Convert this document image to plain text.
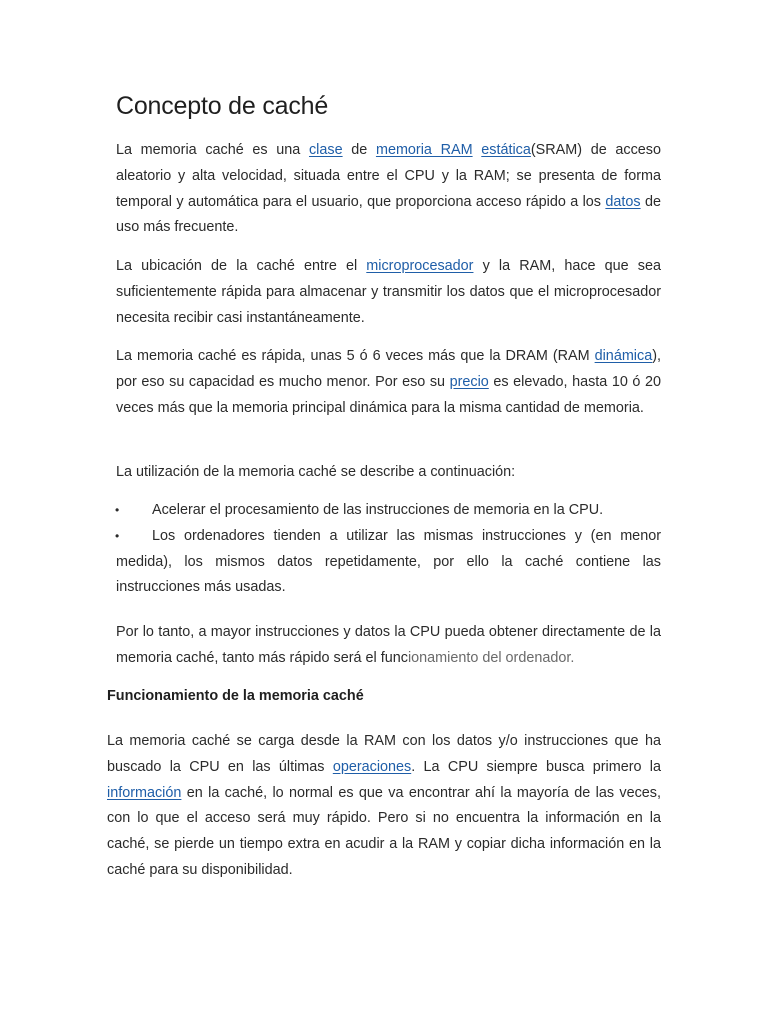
Concepto de caché

La memoria caché es una clase de memoria RAM estática(SRAM) de acceso aleatorio y alta velocidad, situada entre el CPU y la RAM; se presenta de forma temporal y automática para el usuario, que proporciona acceso rápido a los datos de uso más frecuente.

La ubicación de la caché entre el microprocesador y la RAM, hace que sea suficientemente rápida para almacenar y transmitir los datos que el microprocesador necesita recibir casi instantáneamente.

La memoria caché es rápida, unas 5 ó 6 veces más que la DRAM (RAM dinámica), por eso su capacidad es mucho menor. Por eso su precio es elevado, hasta 10 ó 20 veces más que la memoria principal dinámica para la misma cantidad de memoria.

La utilización de la memoria caché se describe a continuación:

• Acelerar el procesamiento de las instrucciones de memoria en la CPU.

• Los ordenadores tienden a utilizar las mismas instrucciones y (en menor medida), los mismos datos repetidamente, por ello la caché contiene las instrucciones más usadas.

Por lo tanto, a mayor instrucciones y datos la CPU pueda obtener directamente de la memoria caché, tanto más rápido será el funcionamiento del ordenador.

Funcionamiento de la memoria caché

La memoria caché se carga desde la RAM con los datos y/o instrucciones que ha buscado la CPU en las últimas operaciones. La CPU siempre busca primero la información en la caché, lo normal es que va encontrar ahí la mayoría de las veces, con lo que el acceso será muy rápido. Pero si no encuentra la información en la caché, se pierde un tiempo extra en acudir a la RAM y copiar dicha información en la caché para su disponibilidad.
